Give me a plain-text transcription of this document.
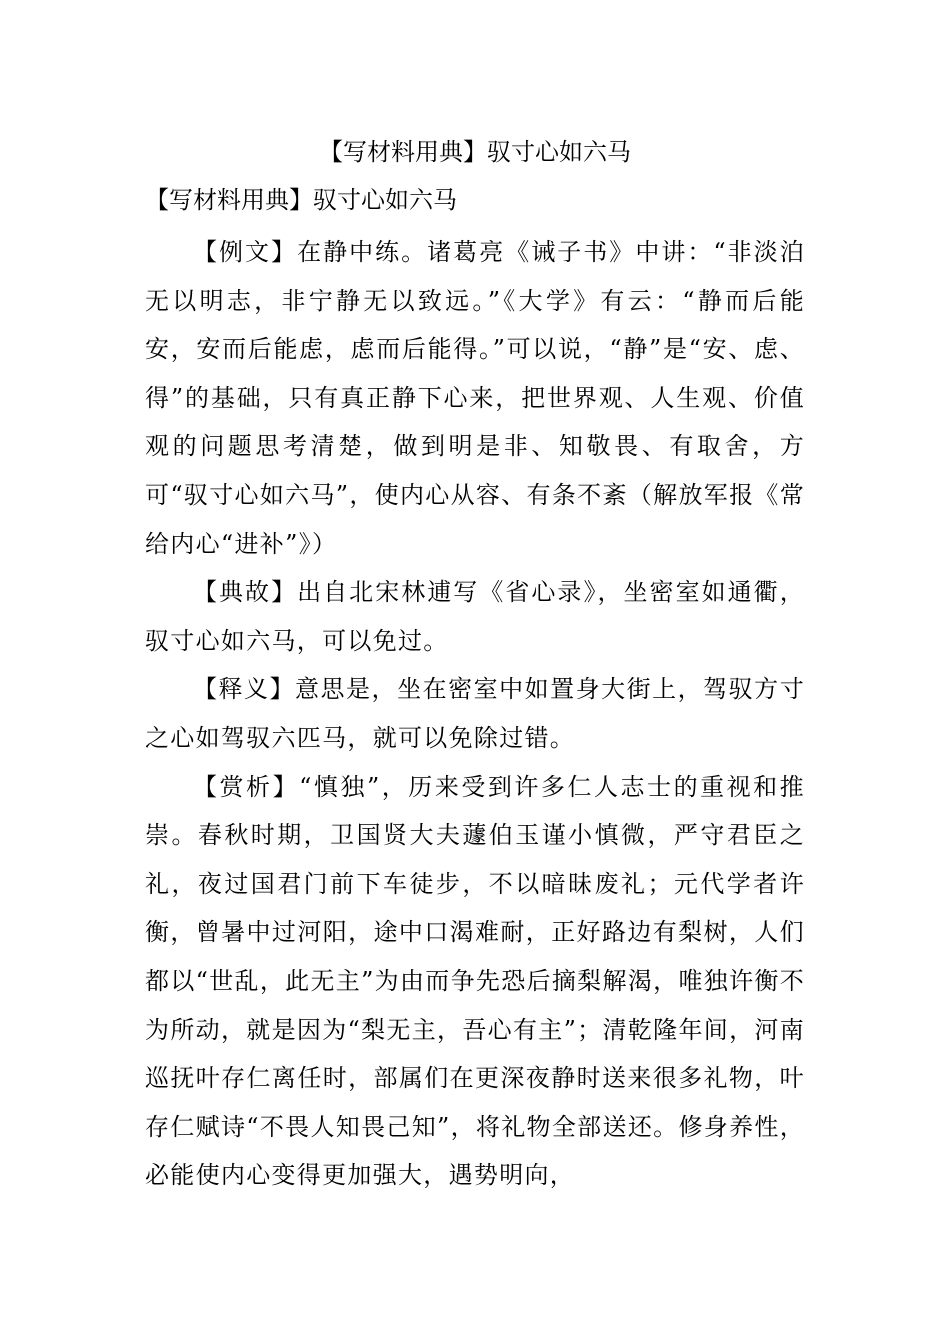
【写材料用典】驭寸心如六马
【写材料用典】驭寸心如六马

【例文】在静中练。诸葛亮《诫子书》中讲：“非淡泊无以明志，非宁静无以致远。”《大学》有云：“静而后能安，安而后能虑，虑而后能得。”可以说，“静”是“安、虑、得”的基础，只有真正静下心来，把世界观、人生观、价值观的问题思考清楚，做到明是非、知敬畏、有取舍，方可“驭寸心如六马”，使内心从容、有条不紊（解放军报《常给内心“进补”》）

【典故】出自北宋林逋写《省心录》，坐密室如通衢，驭寸心如六马，可以免过。

【释义】意思是，坐在密室中如置身大街上，驾驭方寸之心如驾驭六匹马，就可以免除过错。

【赏析】“慎独”，历来受到许多仁人志士的重视和推崇。春秋时期，卫国贤大夫蘧伯玉谨小慎微，严守君臣之礼，夜过国君门前下车徒步，不以暗昧废礼；元代学者许衡，曾暑中过河阳，途中口渴难耐，正好路边有梨树，人们都以“世乱，此无主”为由而争先恐后摘梨解渴，唯独许衡不为所动，就是因为“梨无主，吾心有主”；清乾隆年间，河南巡抚叶存仁离任时，部属们在更深夜静时送来很多礼物，叶存仁赋诗“不畏人知畏己知”，将礼物全部送还。修身养性，必能使内心变得更加强大，遇势明向，
